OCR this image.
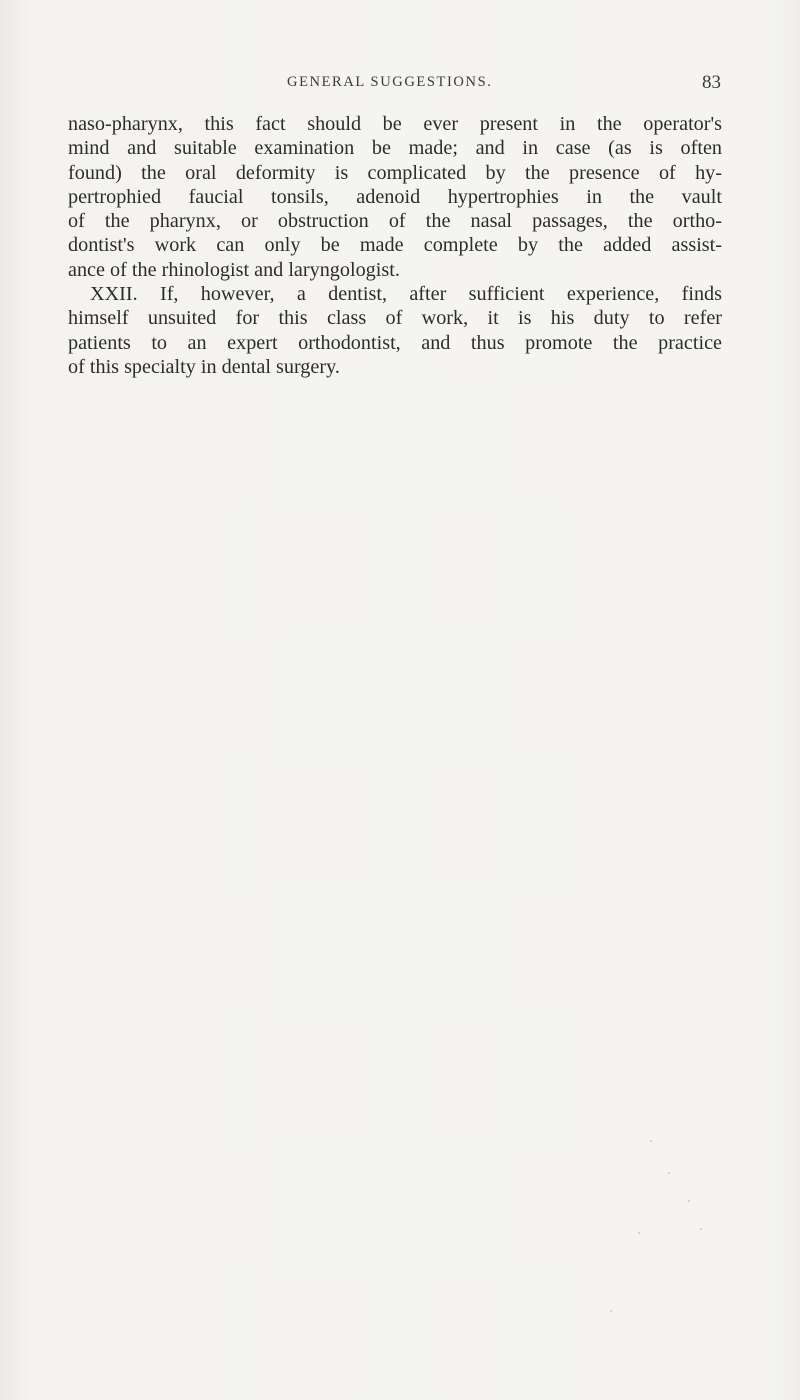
GENERAL SUGGESTIONS.	83
naso-pharynx, this fact should be ever present in the operator's
mind and suitable examination be made; and in case (as is often
found) the oral deformity is complicated by the presence of hy-
pertrophied faucial tonsils, adenoid hypertrophies in the vault
of the pharynx, or obstruction of the nasal passages, the ortho-
dontist's work can only be made complete by the added assist-
ance of the rhinologist and laryngologist.
XXII. If, however, a dentist, after sufficient experience, finds
himself unsuited for this class of work, it is his duty to refer
patients to an expert orthodontist, and thus promote the practice
of this specialty in dental surgery.
